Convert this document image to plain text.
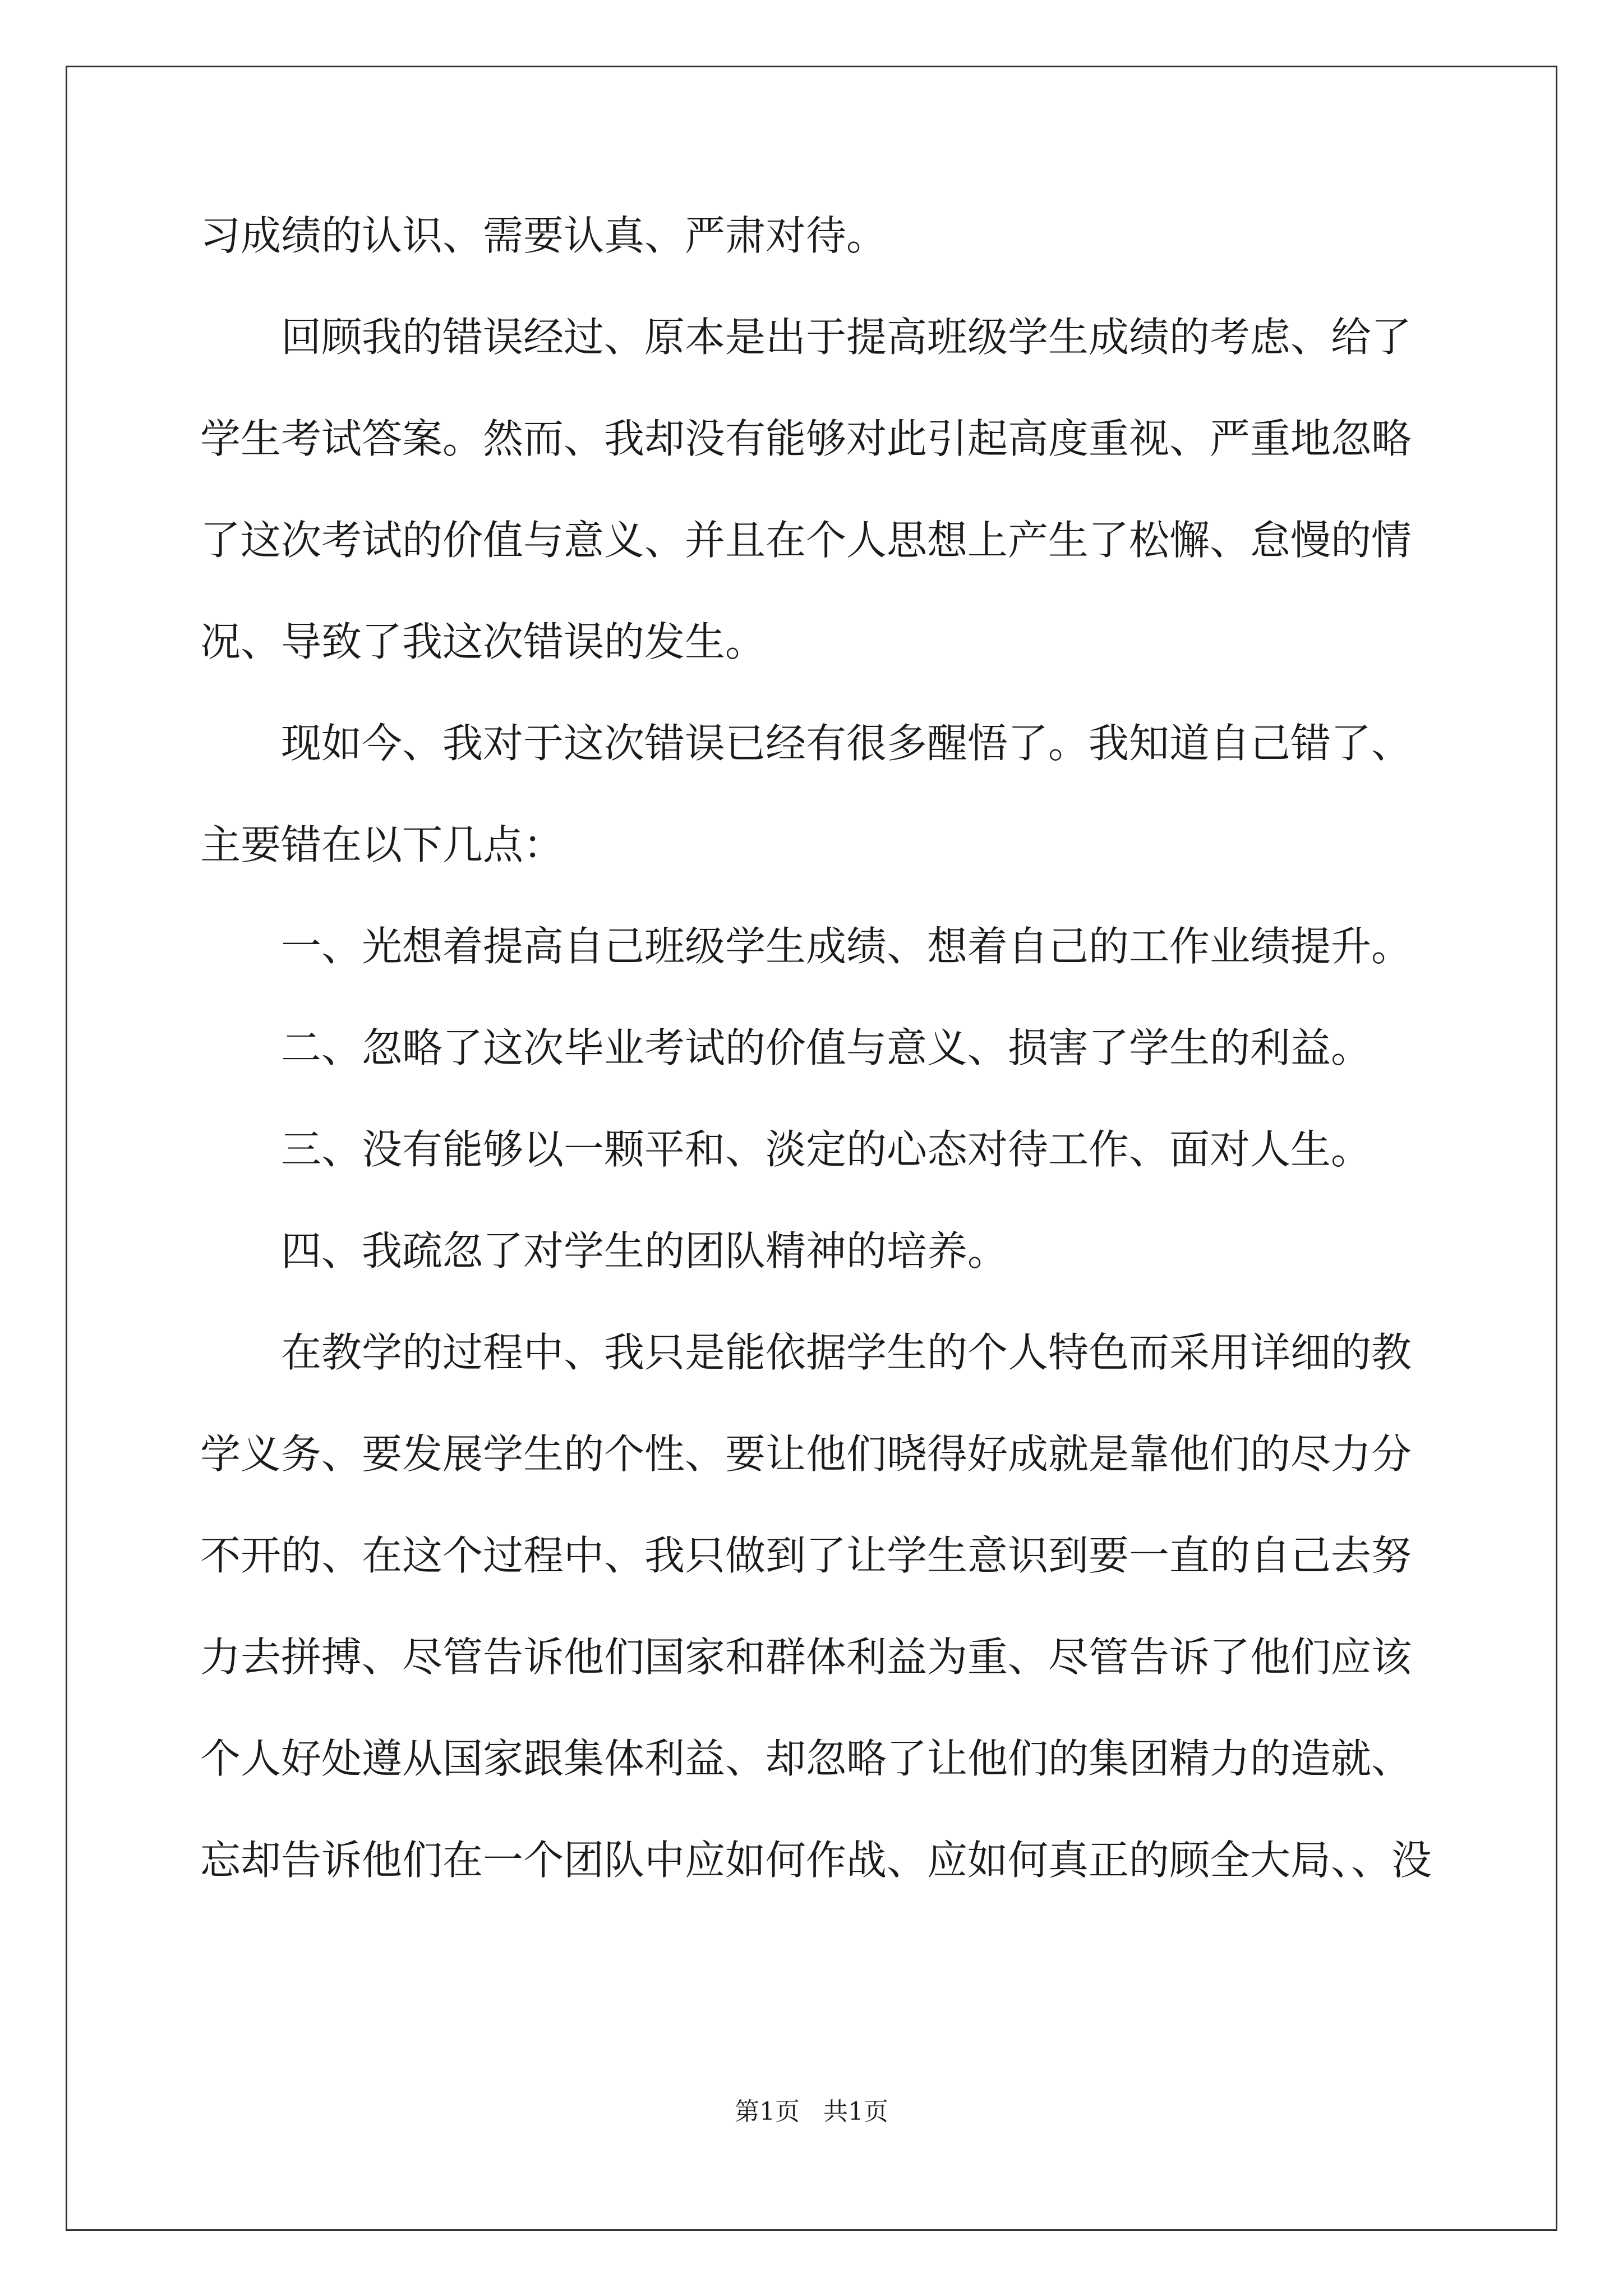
习成绩的认识、需要认真、严肃对待。
回顾我的错误经过、原本是出于提高班级学生成绩的考虑、给了
学生考试答案。然而、我却没有能够对此引起高度重视、严重地忽略
了这次考试的价值与意义、并且在个人思想上产生了松懈、怠慢的情
况、导致了我这次错误的发生。
现如今、我对于这次错误已经有很多醒悟了。我知道自己错了、
主要错在以下几点：
一、光想着提高自己班级学生成绩、想着自己的工作业绩提升。
二、忽略了这次毕业考试的价值与意义、损害了学生的利益。
三、没有能够以一颗平和、淡定的心态对待工作、面对人生。
四、我疏忽了对学生的团队精神的培养。
在教学的过程中、我只是能依据学生的个人特色而采用详细的教
学义务、要发展学生的个性、要让他们晓得好成就是靠他们的尽力分
不开的、在这个过程中、我只做到了让学生意识到要一直的自己去努
力去拼搏、尽管告诉他们国家和群体利益为重、尽管告诉了他们应该
个人好处遵从国家跟集体利益、却忽略了让他们的集团精力的造就、
忘却告诉他们在一个团队中应如何作战、应如何真正的顾全大局、、没
第1页   共1页
